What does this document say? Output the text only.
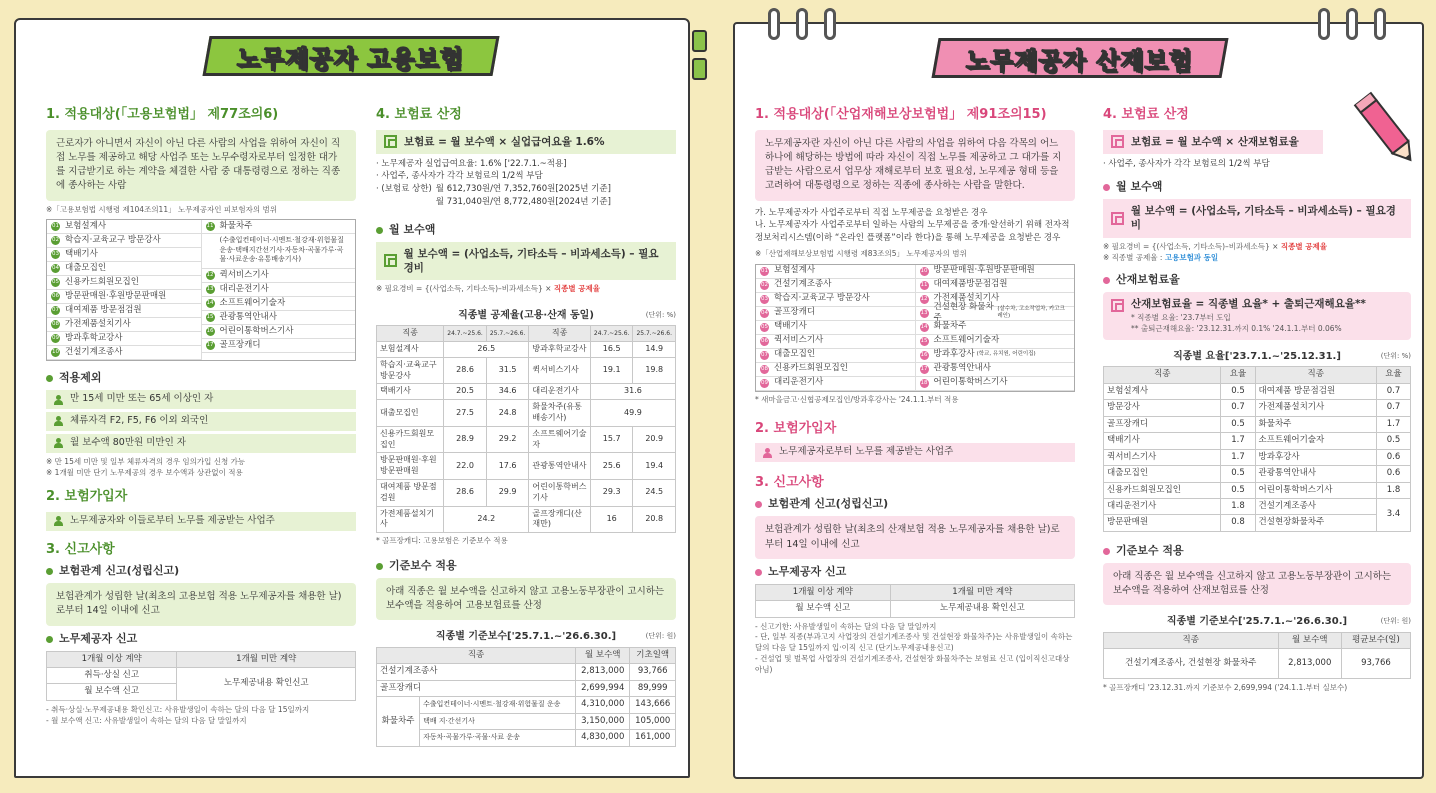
노무제공자 고용보험
1. 적용대상(「고용보험법」 제77조의6)
근로자가 아니면서 자신이 아닌 다른 사람의 사업을 위하여 자신이 직접 노무를 제공하고 해당 사업주 또는 노무수령자로부터 일정한 대가를 지급받기로 하는 계약을 체결한 사람 중 대통령령으로 정하는 직종에 종사하는 사람
※「고용보험법 시행령 제104조의11」 노무제공자인 피보험자의 범위
01 보험설계사
02 학습지·교육교구 방문강사
03 택배기사
04 대출모집인
05 신용카드회원모집인
06 방문판매원·후원방문판매원
07 대여제품 방문점검원
08 가전제품설치기사
09 방과후학교강사
10 건설기계조종사
11 화물차주
(수출입컨테이너·시멘트·철강재·위험물질 운송·택배지간선기사·자동차·곡물가루·곡물·사료운송·유통배송기사)
12 퀵서비스기사
13 대리운전기사
14 소프트웨어기술자
15 관광통역안내사
16 어린이통학버스기사
17 골프장캐디
적용제외
만 15세 미만 또는 65세 이상인 자
체류자격 F2, F5, F6 이외 외국인
월 보수액 80만원 미만인 자
※ 만 15세 미만 및 일부 체류자격의 경우 임의가입 신청 가능
※ 1개월 미만 단기 노무제공의 경우 보수액과 상관없이 적용
2. 보험가입자
노무제공자와 이들로부터 노무를 제공받는 사업주
3. 신고사항
보험관계 신고(성립신고)
보험관계가 성립한 날(최초의 고용보험 적용 노무제공자를 채용한 날)로부터 14일 이내에 신고
노무제공자 신고
1개월 이상 계약	1개월 미만 계약
취득·상실 신고	노무제공내용 확인신고
월 보수액 신고	
- 취득·상실·노무제공내용 확인신고: 사유발생일이 속하는 달의 다음 달 15일까지
- 월 보수액 신고: 사유발생일이 속하는 달의 다음 달 말일까지
4. 보험료 산정
보험료 = 월 보수액 × 실업급여요율 1.6%
· 노무제공자 실업급여요율: 1.6% ['22.7.1.~적용]
· 사업주, 종사자가 각각 보험료의 1/2씩 부담
· (보험료 상한) 월 612,730원/연 7,352,760원[2025년 기준]
월 731,040원/연 8,772,480원[2024년 기준]
월 보수액
월 보수액 = (사업소득, 기타소득 – 비과세소득) – 필요경비
※ 필요경비 = {(사업소득, 기타소득)–비과세소득} × 직종별 공제율
직종별 공제율(고용·산재 동일)	(단위: %)
직종	24.7.~25.6.	25.7.~26.6.	직종	24.7.~25.6.	25.7.~26.6.
보험설계사	26.5		방과후학교강사	16.5	14.9
학습지·교육교구 방문강사	28.6	31.5	퀵서비스기사	19.1	19.8
택배기사	20.5	34.6	대리운전기사	31.6	
대출모집인	27.5	24.8	화물차주(유통배송기사)	49.9	
신용카드회원모집인	28.9	29.2	소프트웨어기술자	15.7	20.9
방문판매원·후원방문판매원	22.0	17.6	관광통역안내사	25.6	19.4
대여제품 방문점검원	28.6	29.9	어린이통학버스기사	29.3	24.5
가전제품설치기사	24.2		골프장캐디(산재만)	16	20.8
* 골프장캐디: 고용보험은 기준보수 적용
기준보수 적용
아래 직종은 월 보수액을 신고하지 않고 고용노동부장관이 고시하는 보수액을 적용하여 고용보험료를 산정
직종별 기준보수['25.7.1.~'26.6.30.]	(단위: 원)
직종		월 보수액	기초일액
건설기계조종사		2,813,000	93,766
골프장캐디		2,699,994	89,999
화물차주	수출입컨테이너·시멘트·철강재·위험물질 운송	4,310,000	143,666
	택배 지·간선기사	3,150,000	105,000
	자동차·곡물가루·곡물·사료 운송	4,830,000	161,000
노무제공자 산재보험
1. 적용대상(「산업재해보상보험법」 제91조의15)
노무제공자란 자신이 아닌 다른 사람의 사업을 위하여 다음 각목의 어느 하나에 해당하는 방법에 따라 자신이 직접 노무를 제공하고 그 대가를 지급받는 사람으로서 업무상 재해로부터 보호 필요성, 노무제공 형태 등을 고려하여 대통령령으로 정하는 직종에 종사하는 사람을 말한다.
가. 노무제공자가 사업주로부터 직접 노무제공을 요청받은 경우
나. 노무제공자가 사업주로부터 일하는 사람의 노무제공을 중개·알선하기 위해 전자적 정보처리시스템(이하 “온라인 플랫폼”이라 한다)을 통해 노무제공을 요청받은 경우
※「산업재해보상보험법 시행령 제83조의5」 노무제공자의 범위
01 보험설계사
02 건설기계조종사
03 학습지·교육교구 방문강사
04 골프장캐디
05 택배기사
06 퀵서비스기사
07 대출모집인
08 신용카드회원모집인
09 대리운전기사
10 방문판매원·후원방문판매원
11 대여제품방문점검원
12 가전제품설치기사
13
건설현장 화물차주
(살수차, 고소작업차, 카고크레인)
14 화물차주
15 소프트웨어기술자
16 방과후강사 (학교, 유치원, 어린이집)
17 관광통역안내사
18 어린이통학버스기사
* 새마을금고·신협공제모집인/방과후강사는 '24.1.1.부터 적용
2. 보험가입자
노무제공자로부터 노무를 제공받는 사업주
3. 신고사항
보험관계 신고(성립신고)
보험관계가 성립한 날(최초의 산재보험 적용 노무제공자를 채용한 날)로부터 14일 이내에 신고
노무제공자 신고
1개월 이상 계약	1개월 미만 계약
월 보수액 신고	노무제공내용 확인신고
- 신고기한: 사유발생일이 속하는 달의 다음 달 말일까지
- 단, 일부 직종(부과고지 사업장의 건설기계조종사 및 건설현장 화물차주)는 사유발생일이 속하는 달의 다음 달 15일까지 입·이직 신고 (단기노무제공내용신고)
- 건설업 및 벌목업 사업장의 건설기계조종사, 건설현장 화물차주는 보험료 신고 (입이직신고대상 아님)
4. 보험료 산정
보험료 = 월 보수액 × 산재보험료율
· 사업주, 종사자가 각각 보험료의 1/2씩 부담
월 보수액
월 보수액 = (사업소득, 기타소득 – 비과세소득) – 필요경비
※ 필요경비 = {(사업소득, 기타소득)–비과세소득} × 직종별 공제율
※ 직종별 공제율 : 고용보험과 동일
산재보험료율
산재보험료율 = 직종별 요율* + 출퇴근재해요율**
* 직종별 요율: '23.7부터 도입
** 출퇴근재해요율: '23.12.31.까지 0.1% '24.1.1.부터 0.06%
직종별 요율['23.7.1.~'25.12.31.]	(단위: %)
직종	요율	직종	요율
보험설계사	0.5	대여제품 방문점검원	0.7
방문강사	0.7	가전제품설치기사	0.7
골프장캐디	0.5	화물차주	1.7
택배기사	1.7	소프트웨어기술자	0.5
퀵서비스기사	1.7	방과후강사	0.6
대출모집인	0.5	관광통역안내사	0.6
신용카드회원모집인	0.5	어린이통학버스기사	1.8
대리운전기사	1.8	건설기계조종사	3.4
방문판매원	0.8	건설현장화물차주	
기준보수 적용
아래 직종은 월 보수액을 신고하지 않고 고용노동부장관이 고시하는 보수액을 적용하여 산재보험료를 산정
직종별 기준보수['25.7.1.~'26.6.30.]	(단위: 원)
직종	월 보수액	평균보수(일)
건설기계조종사, 건설현장 화물차주	2,813,000	93,766
* 골프장캐디 '23.12.31.까지 기준보수 2,699,994 ('24.1.1.부터 실보수)
